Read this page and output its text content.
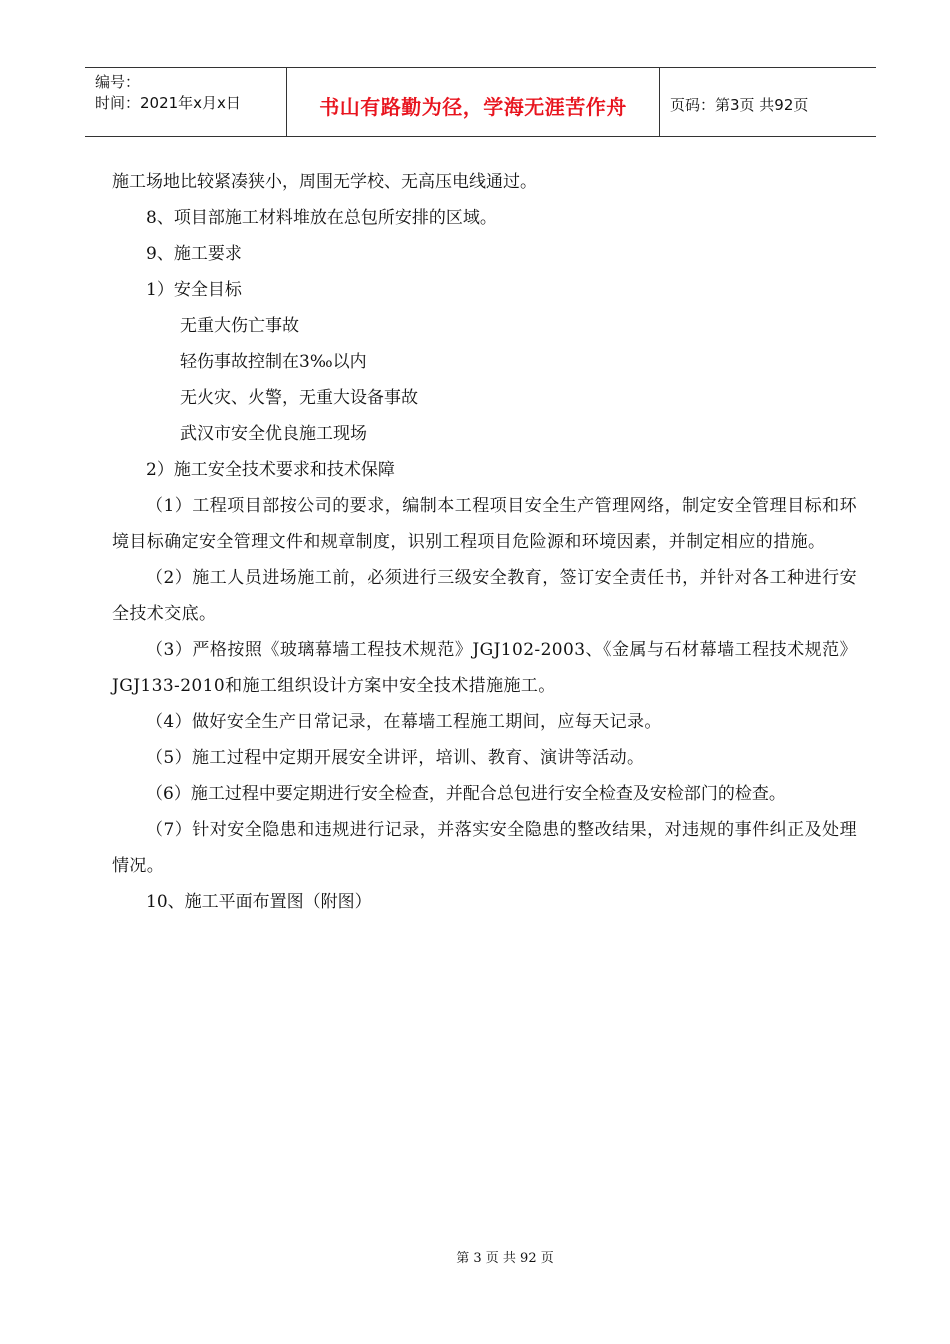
编号：
时间：2021年x月x日	书山有路勤为径，学海无涯苦作舟	页码：第3页 共92页

施工场地比较紧凑狭小，周围无学校、无高压电线通过。

8、项目部施工材料堆放在总包所安排的区域。

9、施工要求

1）安全目标

无重大伤亡事故

轻伤事故控制在3‰以内

无火灾、火警，无重大设备事故

武汉市安全优良施工现场

2）施工安全技术要求和技术保障

（1）工程项目部按公司的要求，编制本工程项目安全生产管理网络，制定安全管理目标和环境目标确定安全管理文件和规章制度，识别工程项目危险源和环境因素，并制定相应的措施。

（2）施工人员进场施工前，必须进行三级安全教育，签订安全责任书，并针对各工种进行安全技术交底。

（3）严格按照《玻璃幕墙工程技术规范》JGJ102-2003、《金属与石材幕墙工程技术规范》JGJ133-2010和施工组织设计方案中安全技术措施施工。

（4）做好安全生产日常记录，在幕墙工程施工期间，应每天记录。

（5）施工过程中定期开展安全讲评，培训、教育、演讲等活动。

（6）施工过程中要定期进行安全检查，并配合总包进行安全检查及安检部门的检查。

（7）针对安全隐患和违规进行记录，并落实安全隐患的整改结果，对违规的事件纠正及处理情况。

10、施工平面布置图（附图）

第 3 页 共 92 页
